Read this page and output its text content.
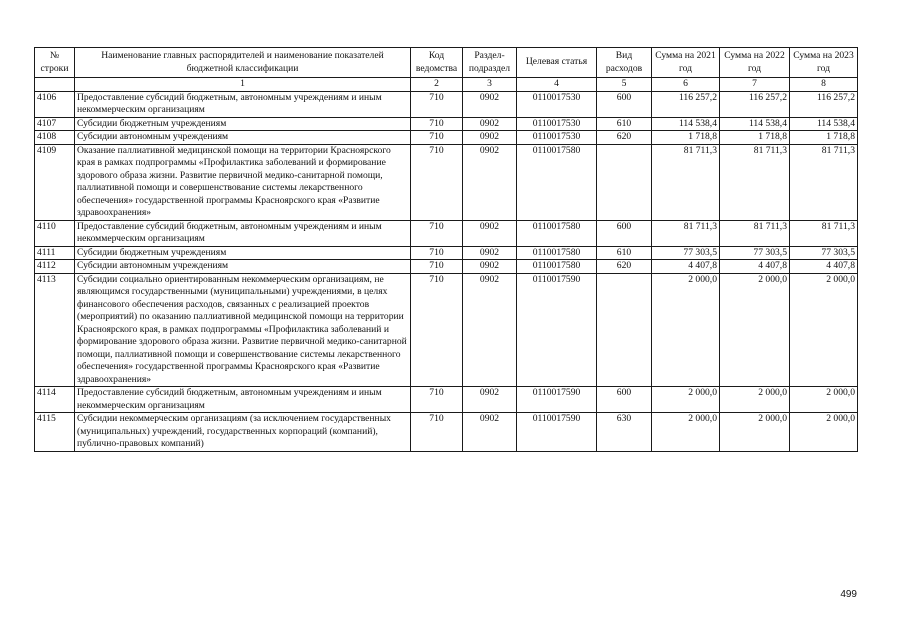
№ строки	Наименование главных распорядителей и наименование показателей бюджетной классификации	Код ведомства	Раздел-подраздел	Целевая статья	Вид расходов	Сумма на 2021 год	Сумма на 2022 год	Сумма на 2023 год
	1	2	3	4	5	6	7	8
4106	Предоставление субсидий бюджетным, автономным учреждениям и иным некоммерческим организациям	710	0902	0110017530	600	116 257,2	116 257,2	116 257,2
4107	Субсидии бюджетным учреждениям	710	0902	0110017530	610	114 538,4	114 538,4	114 538,4
4108	Субсидии автономным учреждениям	710	0902	0110017530	620	1 718,8	1 718,8	1 718,8
4109	Оказание паллиативной медицинской помощи на территории Красноярского края в рамках подпрограммы «Профилактика заболеваний и формирование здорового образа жизни. Развитие первичной медико-санитарной помощи, паллиативной помощи и совершенствование системы лекарственного обеспечения» государственной программы Красноярского края «Развитие здравоохранения»	710	0902	0110017580		81 711,3	81 711,3	81 711,3
4110	Предоставление субсидий бюджетным, автономным учреждениям и иным некоммерческим организациям	710	0902	0110017580	600	81 711,3	81 711,3	81 711,3
4111	Субсидии бюджетным учреждениям	710	0902	0110017580	610	77 303,5	77 303,5	77 303,5
4112	Субсидии автономным учреждениям	710	0902	0110017580	620	4 407,8	4 407,8	4 407,8
4113	Субсидии социально ориентированным некоммерческим организациям, не являющимся государственными (муниципальными) учреждениями, в целях финансового обеспечения расходов, связанных с реализацией проектов (мероприятий) по оказанию паллиативной медицинской помощи на территории Красноярского края, в рамках подпрограммы «Профилактика заболеваний и формирование здорового образа жизни. Развитие первичной медико-санитарной помощи, паллиативной помощи и совершенствование системы лекарственного обеспечения» государственной программы Красноярского края «Развитие здравоохранения»	710	0902	0110017590		2 000,0	2 000,0	2 000,0
4114	Предоставление субсидий бюджетным, автономным учреждениям и иным некоммерческим организациям	710	0902	0110017590	600	2 000,0	2 000,0	2 000,0
4115	Субсидии некоммерческим организациям (за исключением государственных (муниципальных) учреждений, государственных корпораций (компаний), публично-правовых компаний)	710	0902	0110017590	630	2 000,0	2 000,0	2 000,0
499
